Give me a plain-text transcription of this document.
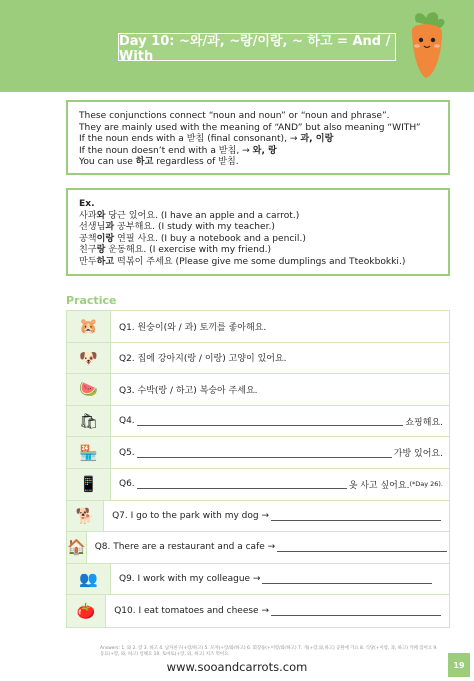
Day 10: ~와/과, ~랑/이랑, ~ 하고 = And / With
These conjunctions connect “noun and noun” or “noun and phrase”.
They are mainly used with the meaning of “AND” but also meaning “WITH”
If the noun ends with a 받침 (final consonant), → 과, 이랑
If the noun doesn’t end with a 받침, → 와, 랑
You can use 하고 regardless of 받침.
Ex.
사과와 당근 있어요. (I have an apple and a carrot.)
선생님과 공부해요. (I study with my teacher.)
공책이랑 연필 사요. (I buy a notebook and a pencil.)
친구랑 운동해요. (I exercise with my friend.)
만두하고 떡볶이 주세요 (Please give me some dumplings and Tteokbokki.)
Practice
🐹 Q1. 원숭이(와 / 과) 토끼를 좋아해요.
🐶 Q2. 집에 강아지(랑 / 이랑) 고양이 있어요.
🍉 Q3. 수박(랑 / 하고) 복숭아 주세요.
🛍 Q4.	쇼핑해요.
🏪 Q5.	가방 있어요.
📱 Q6.	옷 사고 싶어요. (*Day 26).
🐕 Q7. I go to the park with my dog →
🏠 Q8. There are a restaurant and a cafe →
👥 Q9. I work with my colleague →
🍅 Q10. I eat tomatoes and cheese →
Answers: 1. 와 2. 랑 3. 하고 4. 남자친구(+랑/하고) 5. 모자(+랑/와/하고) 6. 회장품(+이랑/와/하고) 7. 개(+랑,와,하고) 공원에 가요 8. 식당(+이랑, 과, 하고) 카페 있어요 9. 동료(+랑, 와, 하고) 일해요 10. 토마토(+랑, 와, 하고) 치즈 먹어요.
www.sooandcarrots.com	19
